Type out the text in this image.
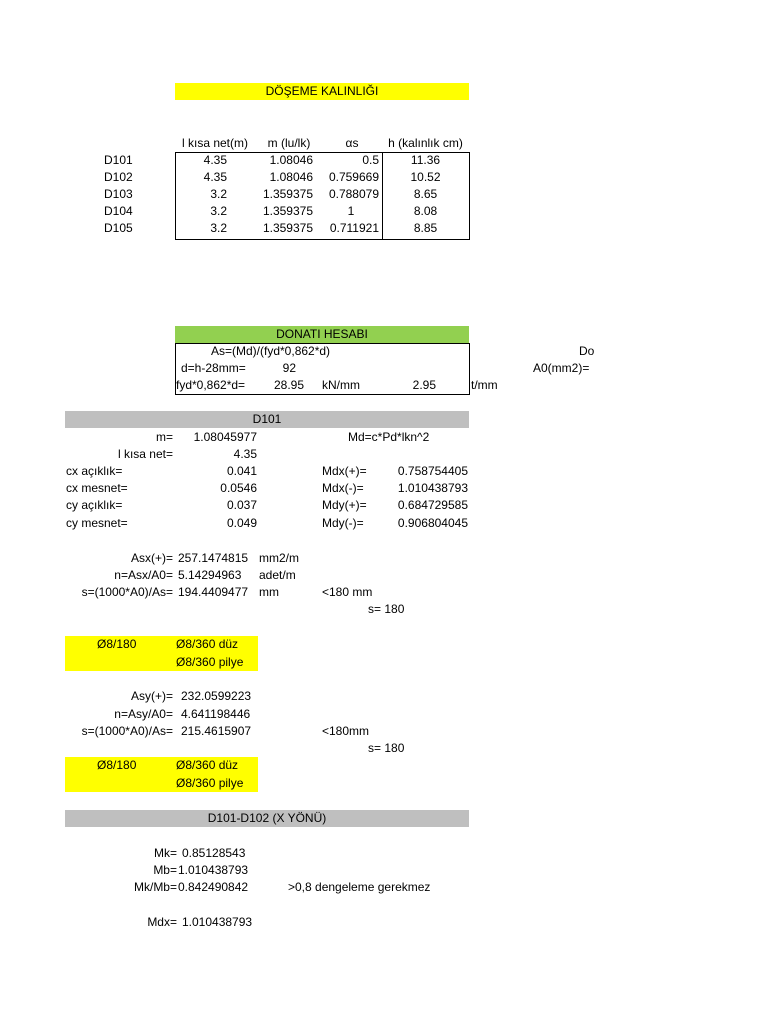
DÖŞEME KALINLIĞI
l kısa net(m)	m (lu/lk)	αs	h (kalınlık cm)
D101	4.35	1.08046	0.5	11.36
D102	4.35	1.08046	0.759669	10.52
D103	3.2	1.359375	0.788079	8.65
D104	3.2	1.359375	1	8.08
D105	3.2	1.359375	0.711921	8.85
DONATI HESABI
As=(Md)/(fyd*0,862*d)	Do
d=h-28mm=	92	A0(mm2)=
fyd*0,862*d=	28.95 kN/mm	2.95	t/mm
D101
m=	1.08045977	Md=c*Pd*lkn^2
l kısa net=	4.35
cx açıklık=	0.041	Mdx(+)=	0.758754405
cx mesnet=	0.0546	Mdx(-)=	1.010438793
cy açıklık=	0.037	Mdy(+)=	0.684729585
cy mesnet=	0.049	Mdy(-)=	0.906804045
Asx(+)= 257.1474815 mm2/m
n=Asx/A0= 5.14294963 adet/m
s=(1000*A0)/As= 194.4409477 mm	<180 mm
s= 180
Ø8/180	Ø8/360 düz
Ø8/360 pilye
Asy(+)= 232.0599223
n=Asy/A0= 4.641198446
s=(1000*A0)/As= 215.4615907	<180mm
s= 180
Ø8/180	Ø8/360 düz
Ø8/360 pilye
D101-D102 (X YÖNÜ)
Mk= 0.85128543
Mb= 1.010438793
Mk/Mb= 0.842490842	>0,8 dengeleme gerekmez
Mdx= 1.010438793
